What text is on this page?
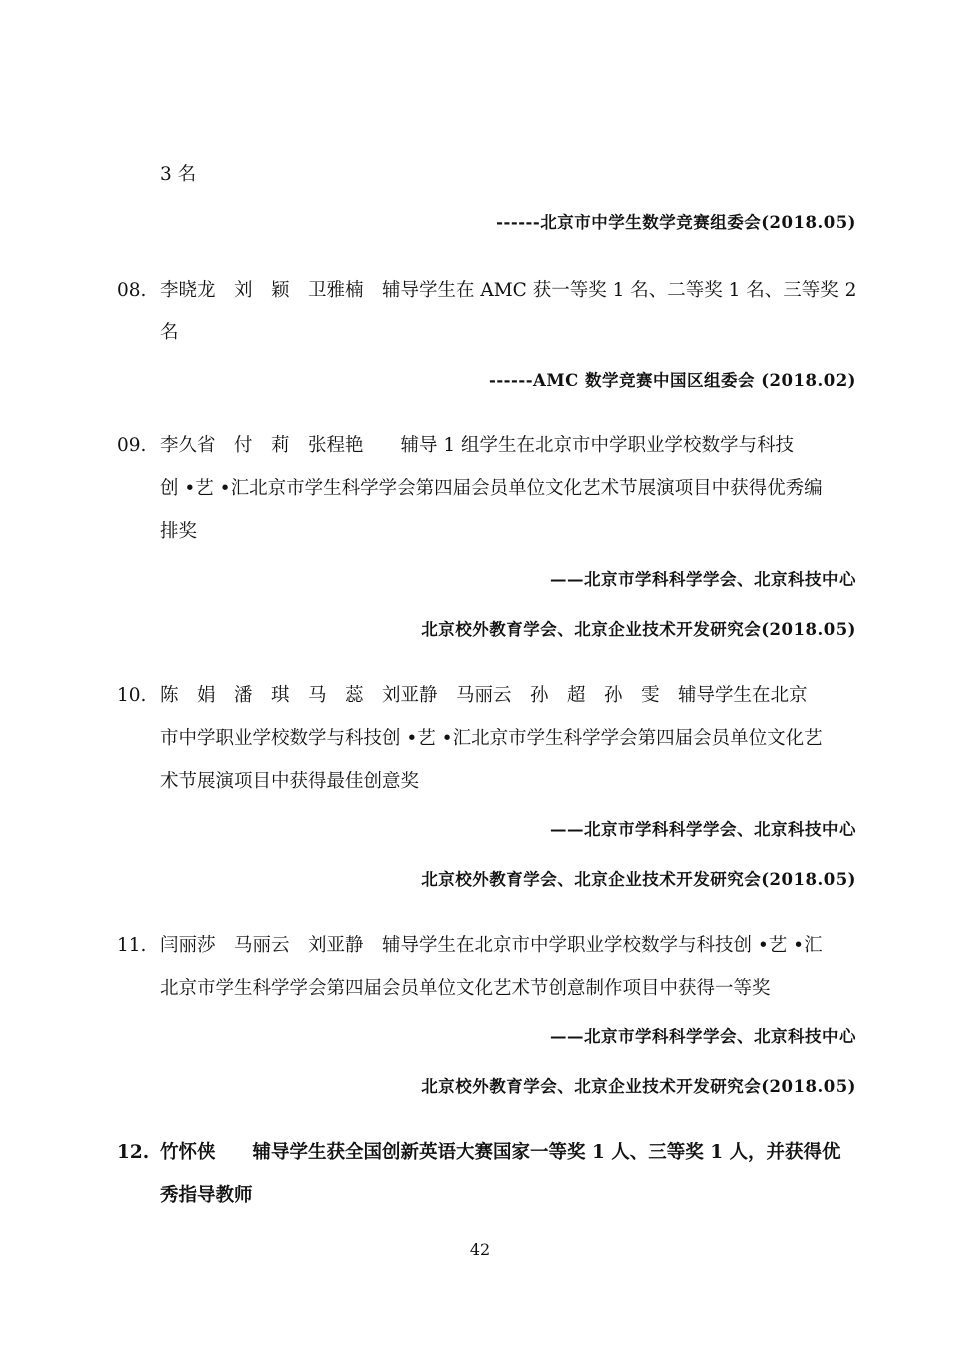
3 名
------北京市中学生数学竞赛组委会(2018.05)
08. 李晓龙　刘　颖　卫雅楠　辅导学生在 AMC 获一等奖 1 名、二等奖 1 名、三等奖 2
名
------AMC 数学竞赛中国区组委会 (2018.02)
09. 李久省　付　莉　张程艳　　辅导 1 组学生在北京市中学职业学校数学与科技
创 •艺 •汇北京市学生科学学会第四届会员单位文化艺术节展演项目中获得优秀编
排奖
——北京市学科科学学会、北京科技中心
北京校外教育学会、北京企业技术开发研究会(2018.05)
10. 陈　娟　潘　琪　马　蕊　刘亚静　马丽云　孙　超　孙　雯　辅导学生在北京
市中学职业学校数学与科技创 •艺 •汇北京市学生科学学会第四届会员单位文化艺
术节展演项目中获得最佳创意奖
——北京市学科科学学会、北京科技中心
北京校外教育学会、北京企业技术开发研究会(2018.05)
11. 闫丽莎　马丽云　刘亚静　辅导学生在北京市中学职业学校数学与科技创 •艺 •汇
北京市学生科学学会第四届会员单位文化艺术节创意制作项目中获得一等奖
——北京市学科科学学会、北京科技中心
北京校外教育学会、北京企业技术开发研究会(2018.05)
12. 竹怀侠　　辅导学生获全国创新英语大赛国家一等奖 1 人、三等奖 1 人，并获得优
秀指导教师
42
